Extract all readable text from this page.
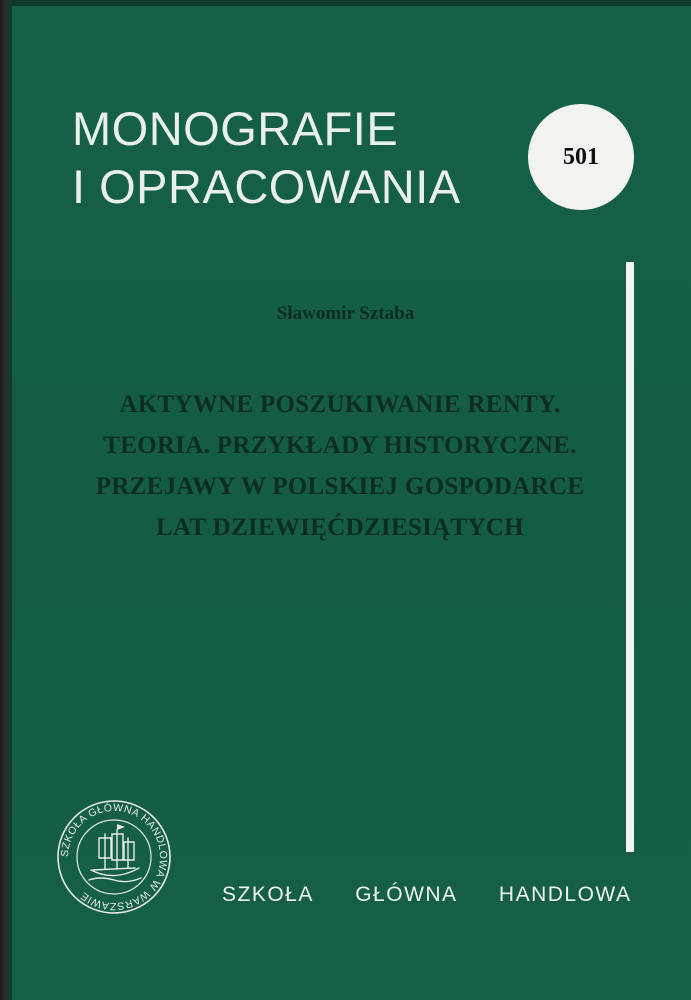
MONOGRAFIE
I OPRACOWANIA
501
Sławomir Sztaba
AKTYWNE POSZUKIWANIE RENTY.
TEORIA. PRZYKŁADY HISTORYCZNE.
PRZEJAWY W POLSKIEJ GOSPODARCE
LAT DZIEWIĘĆDZIESIĄTYCH
SZKOŁA GŁÓWNA HANDLOWA W WARSZAWIE	SZKOŁA GŁÓWNA HANDLOWA
